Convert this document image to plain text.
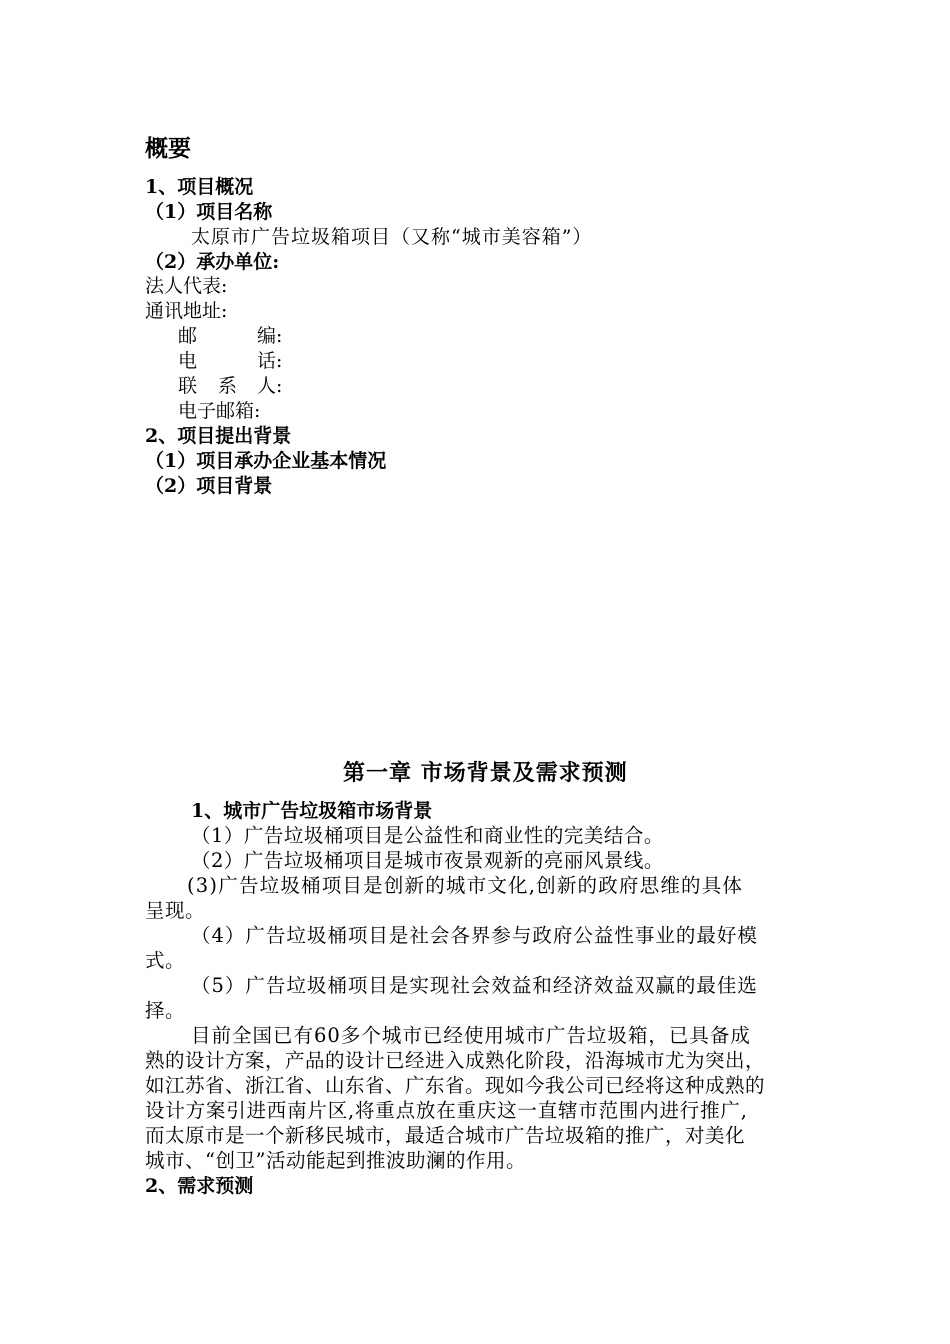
概要
1、项目概况
（1）项目名称
太原市广告垃圾箱项目（又称“城市美容箱”）
（2）承办单位:
法人代表:
通讯地址:
邮	编:
电	话:
联 系 人:
电子邮箱:
2、项目提出背景
（1）项目承办企业基本情况
（2）项目背景
第一章 市场背景及需求预测
1、城市广告垃圾箱市场背景
（1）广告垃圾桶项目是公益性和商业性的完美结合。
（2）广告垃圾桶项目是城市夜景观新的亮丽风景线。
(3)广告垃圾桶项目是创新的城市文化,创新的政府思维的具体
呈现。
（4）广告垃圾桶项目是社会各界参与政府公益性事业的最好模
式。
（5）广告垃圾桶项目是实现社会效益和经济效益双赢的最佳选
择。
目前全国已有60多个城市已经使用城市广告垃圾箱，已具备成
熟的设计方案，产品的设计已经进入成熟化阶段，沿海城市尤为突出，
如江苏省、浙江省、山东省、广东省。现如今我公司已经将这种成熟的
设计方案引进西南片区,将重点放在重庆这一直辖市范围内进行推广,
而太原市是一个新移民城市，最适合城市广告垃圾箱的推广，对美化
城市、“创卫”活动能起到推波助澜的作用。
2、需求预测
